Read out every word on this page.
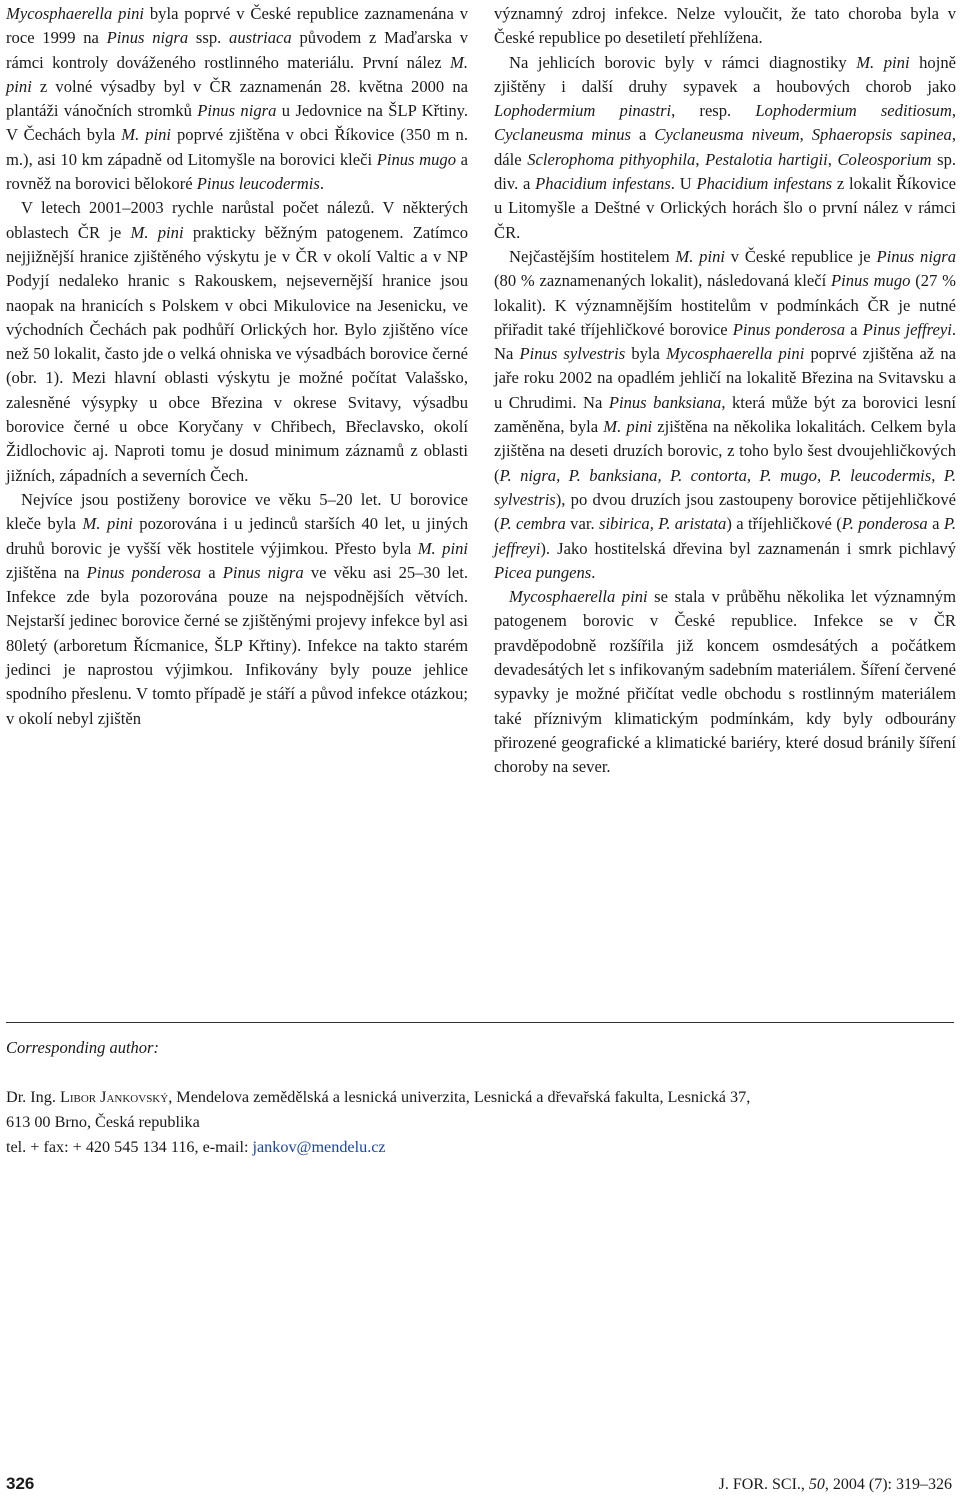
Mycosphaerella pini byla poprvé v České republice zaznamenána v roce 1999 na Pinus nigra ssp. austriaca původem z Maďarska v rámci kontroly dováženého rostlinného materiálu. První nález M. pini z volné výsadby byl v ČR zaznamenán 28. května 2000 na plantáži vánočních stromků Pinus nigra u Jedovnice na ŠLP Křtiny. V Čechách byla M. pini poprvé zjištěna v obci Říkovice (350 m n. m.), asi 10 km západně od Litomyšle na borovici kleči Pinus mugo a rovněž na borovici bělokoré Pinus leucodermis.

V letech 2001–2003 rychle narůstal počet nálezů. V některých oblastech ČR je M. pini prakticky běžným patogenem. Zatímco nejjižnější hranice zjištěného výskytu je v ČR v okolí Valtic a v NP Podyjí nedaleko hranic s Rakouskem, nejsevernější hranice jsou naopak na hranicích s Polskem v obci Mikulovice na Jesenicku, ve východních Čechách pak podhůří Orlických hor. Bylo zjištěno více než 50 lokalit, často jde o velká ohniska ve výsadbách borovice černé (obr. 1). Mezi hlavní oblasti výskytu je možné počítat Valašsko, zalesněné výsypky u obce Březina v okrese Svitavy, výsadbu borovice černé u obce Koryčany v Chřibech, Břeclavsko, okolí Židlochovic aj. Naproti tomu je dosud minimum záznamů z oblasti jižních, západních a severních Čech.

Nejvíce jsou postiženy borovice ve věku 5–20 let. U borovice kleče byla M. pini pozorována i u jedinců starších 40 let, u jiných druhů borovic je vyšší věk hostitele výjimkou. Přesto byla M. pini zjištěna na Pinus ponderosa a Pinus nigra ve věku asi 25–30 let. Infekce zde byla pozorována pouze na nejspodnějších větvích. Nejstarší jedinec borovice černé se zjištěnými projevy infekce byl asi 80letý (arboretum Řícmanice, ŠLP Křtiny). Infekce na takto starém jedinci je naprostou výjimkou. Infikovány byly pouze jehlice spodního přeslenu. V tomto případě je stáří a původ infekce otázkou; v okolí nebyl zjištěn

významný zdroj infekce. Nelze vyloučit, že tato choroba byla v České republice po desetiletí přehlížena.

Na jehlicích borovic byly v rámci diagnostiky M. pini hojně zjištěny i další druhy sypavek a houbových chorob jako Lophodermium pinastri, resp. Lophodermium seditiosum, Cyclaneusma minus a Cyclaneusma niveum, Sphaeropsis sapinea, dále Sclerophoma pithyophila, Pestalotia hartigii, Coleosporium sp. div. a Phacidium infestans. U Phacidium infestans z lokalit Říkovice u Litomyšle a Deštné v Orlických horách šlo o první nález v rámci ČR.

Nejčastějším hostitelem M. pini v České republice je Pinus nigra (80 % zaznamenaných lokalit), následovaná klečí Pinus mugo (27 % lokalit). K významnějším hostitelům v podmínkách ČR je nutné přiřadit také tříjehličkové borovice Pinus ponderosa a Pinus jeffreyi. Na Pinus sylvestris byla Mycosphaerella pini poprvé zjištěna až na jaře roku 2002 na opadlém jehličí na lokalitě Březina na Svitavsku a u Chrudimi. Na Pinus banksiana, která může být za borovici lesní zaměněna, byla M. pini zjištěna na několika lokalitách. Celkem byla zjištěna na deseti druzích borovic, z toho bylo šest dvoujehličkových (P. nigra, P. banksiana, P. contorta, P. mugo, P. leucodermis, P. sylvestris), po dvou druzích jsou zastoupeny borovice pětijehličkové (P. cembra var. sibirica, P. aristata) a tříjehličkové (P. ponderosa a P. jeffreyi). Jako hostitelská dřevina byl zaznamenán i smrk pichlavý Picea pungens.

Mycosphaerella pini se stala v průběhu několika let významným patogenem borovic v České republice. Infekce se v ČR pravděpodobně rozšířila již koncem osmdesátých a počátkem devadesátých let s infikovaným sadebním materiálem. Šíření červené sypavky je možné přičítat vedle obchodu s rostlinným materiálem také příznivým klimatickým podmínkám, kdy byly odbourány přirozené geografické a klimatické bariéry, které dosud bránily šíření choroby na sever.

Corresponding author:
Dr. Ing. Libor Jankovský, Mendelova zemědělská a lesnická univerzita, Lesnická a dřevařská fakulta, Lesnická 37,
613 00 Brno, Česká republika
tel. + fax: + 420 545 134 116, e-mail: jankov@mendelu.cz
326	J. FOR. SCI., 50, 2004 (7): 319–326
